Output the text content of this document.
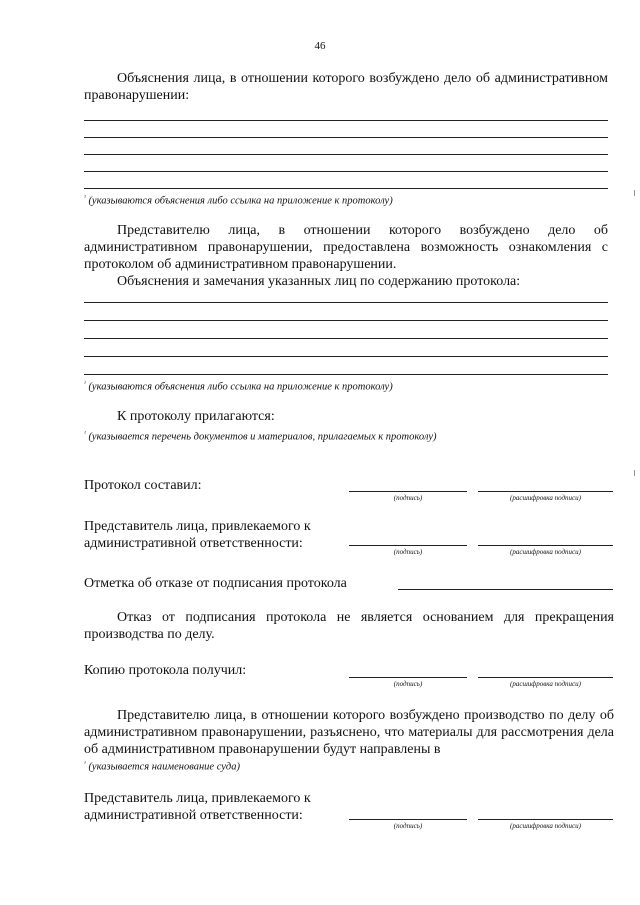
46
Объяснения лица, в отношении которого возбуждено дело об административном правонарушении:
$^{^1}$ (указываются объяснения либо ссылка на приложение к протоколу)
Представителю лица, в отношении которого возбуждено дело об административном правонарушении, предоставлена возможность ознакомления с протоколом об административном правонарушении.
Объяснения и замечания указанных лиц по содержанию протокола:
$^{^1}$ (указываются объяснения либо ссылка на приложение к протоколу)
К протоколу прилагаются:
$^{^1}$ (указывается перечень документов и материалов, прилагаемых к протоколу)
Протокол составил:
(подпись)	(расшифровка подписи)
Представитель лица, привлекаемого к административной ответственности:
(подпись)	(расшифровка подписи)
Отметка об отказе от подписания протокола
Отказ от подписания протокола не является основанием для прекращения производства по делу.
Копию протокола получил:
(подпись)	(расшифровка подписи)
Представителю лица, в отношении которого возбуждено производство по делу об административном правонарушении, разъяснено, что материалы для рассмотрения дела об административном правонарушении будут направлены в
$^{^1}$ (указывается наименование суда)
Представитель лица, привлекаемого к административной ответственности:
(подпись)	(расшифровка подписи)
